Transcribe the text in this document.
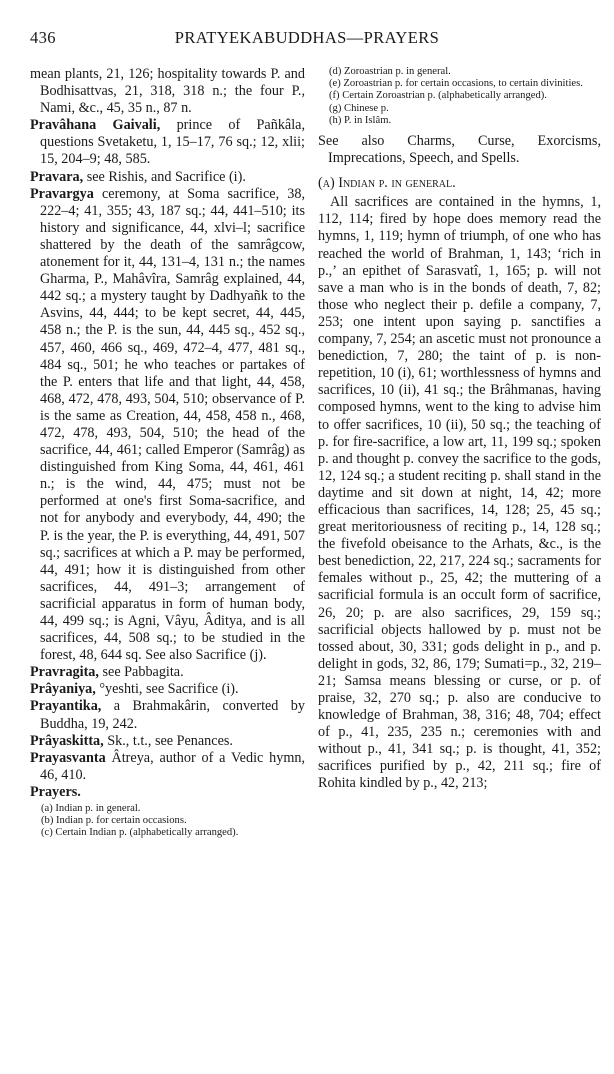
436	PRATYEKABUDDHAS—PRAYERS

mean plants, 21, 126; hospitality towards P. and Bodhisattvas, 21, 318, 318 n.; the four P., Nami, &c., 45, 35 n., 87 n.

Pravâhana Gaivali, prince of Pañkâla, questions Svetaketu, 1, 15–17, 76 sq.; 12, xlii; 15, 204–9; 48, 585.

Pravara, see Rishis, and Sacrifice (i).

Pravargya ceremony, at Soma sacrifice, 38, 222–4; 41, 355; 43, 187 sq.; 44, 441–510; its history and significance, 44, xlvi–l; sacrifice shattered by the death of the samrâgcow, atonement for it, 44, 131–4, 131 n.; the names Gharma, P., Mahâvîra, Samrâg explained, 44, 442 sq.; a mystery taught by Dadhyañk to the Asvins, 44, 444; to be kept secret, 44, 445, 458 n.; the P. is the sun, 44, 445 sq., 452 sq., 457, 460, 466 sq., 469, 472–4, 477, 481 sq., 484 sq., 501; he who teaches or partakes of the P. enters that life and that light, 44, 458, 468, 472, 478, 493, 504, 510; observance of P. is the same as Creation, 44, 458, 458 n., 468, 472, 478, 493, 504, 510; the head of the sacrifice, 44, 461; called Emperor (Samrâg) as distinguished from King Soma, 44, 461, 461 n.; is the wind, 44, 475; must not be performed at one's first Soma-sacrifice, and not for anybody and everybody, 44, 490; the P. is the year, the P. is everything, 44, 491, 507 sq.; sacrifices at which a P. may be performed, 44, 491; how it is distinguished from other sacrifices, 44, 491–3; arrangement of sacrificial apparatus in form of human body, 44, 499 sq.; is Agni, Vâyu, Âditya, and is all sacrifices, 44, 508 sq.; to be studied in the forest, 48, 644 sq. See also Sacrifice (j).

Pravragita, see Pabbagita.

Prâyaniya, °yeshti, see Sacrifice (i).

Prayantika, a Brahmakârin, converted by Buddha, 19, 242.

Prâyaskitta, Sk., t.t., see Penances.

Prayasvanta Âtreya, author of a Vedic hymn, 46, 410.

Prayers.

(a) Indian p. in general.
(b) Indian p. for certain occasions.
(c) Certain Indian p. (alphabetically arranged).
(d) Zoroastrian p. in general.
(e) Zoroastrian p. for certain occasions, to certain divinities.
(f) Certain Zoroastrian p. (alphabetically arranged).
(g) Chinese p.
(h) P. in Islâm.

See also Charms, Curse, Exorcisms, Imprecations, Speech, and Spells.

(a) Indian p. in general.

All sacrifices are contained in the hymns, 1, 112, 114; fired by hope does memory read the hymns, 1, 119; hymn of triumph, of one who has reached the world of Brahman, 1, 143; ‘rich in p.,’ an epithet of Sarasvatî, 1, 165; p. will not save a man who is in the bonds of death, 7, 82; those who neglect their p. defile a company, 7, 253; one intent upon saying p. sanctifies a company, 7, 254; an ascetic must not pronounce a benediction, 7, 280; the taint of p. is non-repetition, 10 (i), 61; worthlessness of hymns and sacrifices, 10 (ii), 41 sq.; the Brâhmanas, having composed hymns, went to the king to advise him to offer sacrifices, 10 (ii), 50 sq.; the teaching of p. for fire-sacrifice, a low art, 11, 199 sq.; spoken p. and thought p. convey the sacrifice to the gods, 12, 124 sq.; a student reciting p. shall stand in the daytime and sit down at night, 14, 42; more efficacious than sacrifices, 14, 128; 25, 45 sq.; great meritoriousness of reciting p., 14, 128 sq.; the fivefold obeisance to the Arhats, &c., is the best benediction, 22, 217, 224 sq.; sacraments for females without p., 25, 42; the muttering of a sacrificial formula is an occult form of sacrifice, 26, 20; p. are also sacrifices, 29, 159 sq.; sacrificial objects hallowed by p. must not be tossed about, 30, 331; gods delight in p., and p. delight in gods, 32, 86, 179; Sumati=p., 32, 219–21; Samsa means blessing or curse, or p. of praise, 32, 270 sq.; p. also are conducive to knowledge of Brahman, 38, 316; 48, 704; effect of p., 41, 235, 235 n.; ceremonies with and without p., 41, 341 sq.; p. is thought, 41, 352; sacrifices purified by p., 42, 211 sq.; fire of Rohita kindled by p., 42, 213;
